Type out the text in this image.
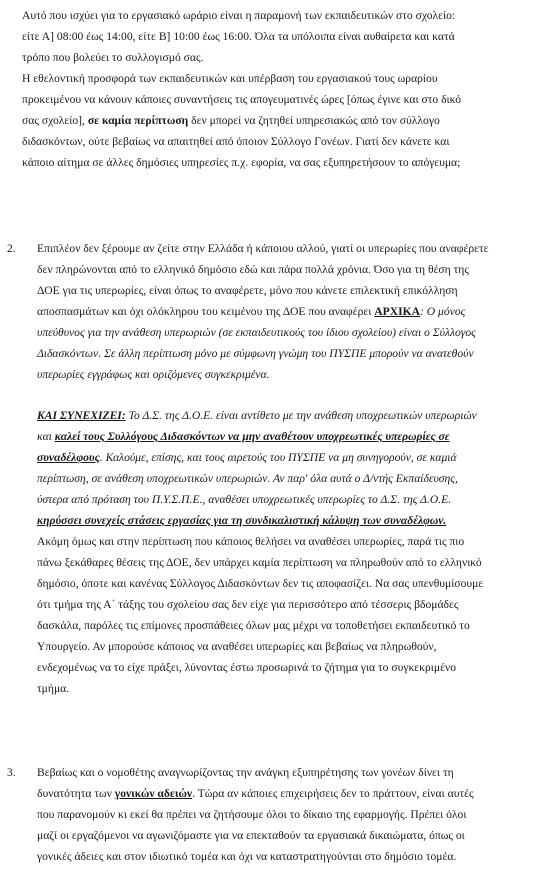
Αυτό που ισχύει για το εργασιακό ωράριο είναι η παραμονή των εκπαιδευτικών στο σχολείο:
είτε Α] 08:00 έως 14:00, είτε Β] 10:00 έως 16:00. Όλα τα υπόλοιπα είναι αυθαίρετα και κατά
τρόπο που βολεύει το συλλογισμό σας.
Η εθελοντική προσφορά των εκπαιδευτικών και υπέρβαση του εργασιακού τους ωραρίου
προκειμένου να κάνουν κάποιες συναντήσεις τις απογευματινές ώρες [όπως έγινε και στο δικό
σας σχολείο], σε καμία περίπτωση δεν μπορεί να ζητηθεί υπηρεσιακώς από τον σύλλογο
διδασκόντων, ούτε βεβαίως να απαιτηθεί από όποιον Σύλλογο Γονέων. Γιατί δεν κάνετε και
κάποιο αίτημα σε άλλες δημόσιες υπηρεσίες π.χ. εφορία, να σας εξυπηρετήσουν το απόγευμα;
2. Επιπλέον δεν ξέρουμε αν ζείτε στην Ελλάδα ή κάποιου αλλού, γιατί οι υπερωρίες που αναφέρετε
δεν πληρώνονται από το ελληνικό δημόσιο εδώ και πάρα πολλά χρόνια. Όσο για τη θέση της
ΔΟΕ για τις υπερωρίες, είναι όπως το αναφέρετε, μόνο που κάνετε επιλεκτική επικόλληση
αποσπασμάτων και όχι ολόκληρου του κειμένου της ΔΟΕ που αναφέρει ΑΡΧΙΚΑ: Ο μόνος
υπεύθυνος για την ανάθεση υπερωριών (σε εκπαιδευτικούς του ίδιου σχολείου) είναι ο Σύλλογος
Διδασκόντων. Σε άλλη περίπτωση μόνο με σύμφωνη γνώμη του ΠΥΣΠΕ μπορούν να ανατεθούν
υπερωρίες εγγράφως και οριζόμενες συγκεκριμένα.
ΚΑΙ ΣΥΝΕΧΙΖΕΙ: Το Δ.Σ. της Δ.Ο.Ε. είναι αντίθετο με την ανάθεση υποχρεωτικών υπερωριών
και καλεί τους Συλλόγους Διδασκόντων να μην αναθέτουν υποχρεωτικές υπερωρίες σε
συναδέλφους. Καλούμε, επίσης, και τους αιρετούς του ΠΥΣΠΕ να μη συνηγορούν, σε καμιά
περίπτωση, σε ανάθεση υποχρεωτικών υπερωριών. Αν παρ' όλα αυτά ο Δ/ντής Εκπαίδευσης,
ύστερα από πρόταση του Π.Υ.Σ.Π.Ε., αναθέσει υποχρεωτικές υπερωρίες το Δ.Σ. της Δ.Ο.Ε.
κηρύσσει συνεχείς στάσεις εργασίας για τη συνδικαλιστική κάλυψη των συναδέλφων.
Ακόμη όμως και στην περίπτωση που κάποιος θελήσει να αναθέσει υπερωρίες, παρά τις πιο
πάνω ξεκάθαρες θέσεις της ΔΟΕ, δεν υπάρχει καμία περίπτωση να πληρωθούν από το ελληνικό
δημόσιο, όποτε και κανένας Σύλλογος Διδασκόντων δεν τις αποφασίζει. Να σας υπενθυμίσουμε
ότι τμήμα της Α΄ τάξης του σχολείου σας δεν είχε για περισσότερο από τέσσερις βδομάδες
δασκάλα, παρόλες τις επίμονες προσπάθειες όλων μας μέχρι να τοποθετήσει εκπαιδευτικό το
Υπουργείο. Αν μπορούσε κάποιος να αναθέσει υπερωρίες και βεβαίως να πληρωθούν,
ενδεχομένως να το είχε πράξει, λύνοντας έστω προσωρινά το ζήτημα για το συγκεκριμένο
τμήμα.
3. Βεβαίως και ο νομοθέτης αναγνωρίζοντας την ανάγκη εξυπηρέτησης των γονέων δίνει τη
δυνατότητα των γονικών αδειών. Τώρα αν κάποιες επιχειρήσεις δεν το πράττουν, είναι αυτές
που παρανομούν κι εκεί θα πρέπει να ζητήσουμε όλοι το δίκαιο της εφαρμογής. Πρέπει όλοι
μαζί οι εργαζόμενοι να αγωνιζόμαστε για να επεκταθούν τα εργασιακά δικαιώματα, όπως οι
γονικές άδειες και στον ιδιωτικό τομέα και όχι να καταστρατηγούνται στο δημόσιο τομέα.
